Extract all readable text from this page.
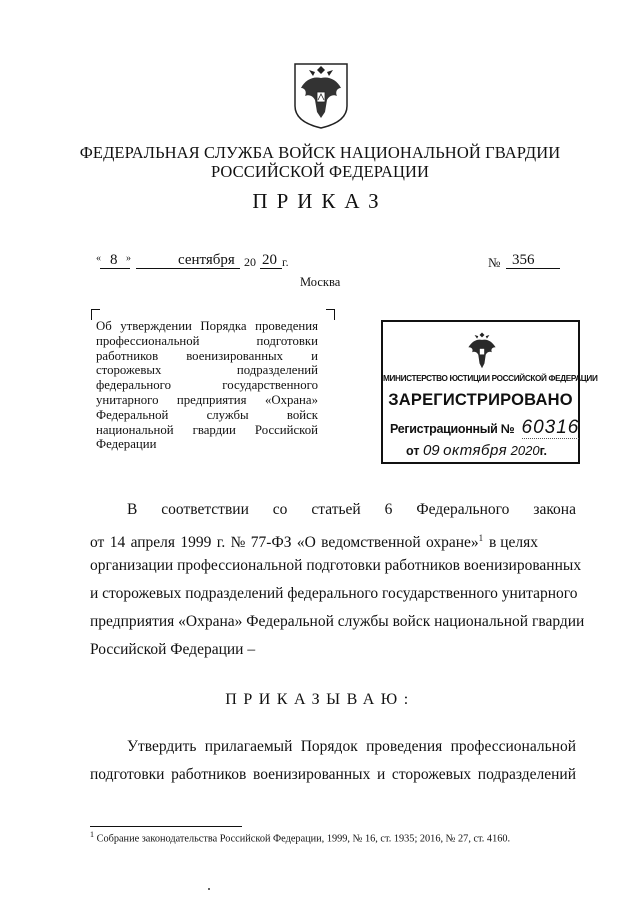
ФЕДЕРАЛЬНАЯ СЛУЖБА ВОЙСК НАЦИОНАЛЬНОЙ ГВАРДИИ
РОССИЙСКОЙ ФЕДЕРАЦИИ
ПРИКАЗ
« 8 »	сентября 20 20 г.	№ 356
Москва
Об утверждении Порядка проведения
профессиональной подготовки
работников военизированных и
сторожевых подразделений
федерального государственного
унитарного предприятия «Охрана»
Федеральной службы войск
национальной гвардии Российской
Федерации
МИНИСТЕРСТВО ЮСТИЦИИ РОССИЙСКОЙ ФЕДЕРАЦИИ
ЗАРЕГИСТРИРОВАНО
Регистрационный № 60316
от 09 октября 2020г.
В соответствии со статьей 6 Федерального закона
от 14 апреля 1999 г. № 77-ФЗ «О ведомственной охране»$^1$ в целях
организации профессиональной подготовки работников военизированных
и сторожевых подразделений федерального государственного унитарного
предприятия «Охрана» Федеральной службы войск национальной гвардии
Российской Федерации –
ПРИКАЗЫВАЮ:
Утвердить прилагаемый Порядок проведения профессиональной
подготовки работников военизированных и сторожевых подразделений
$^1$ Собрание законодательства Российской Федерации, 1999, № 16, ст. 1935; 2016, № 27, ст. 4160.
